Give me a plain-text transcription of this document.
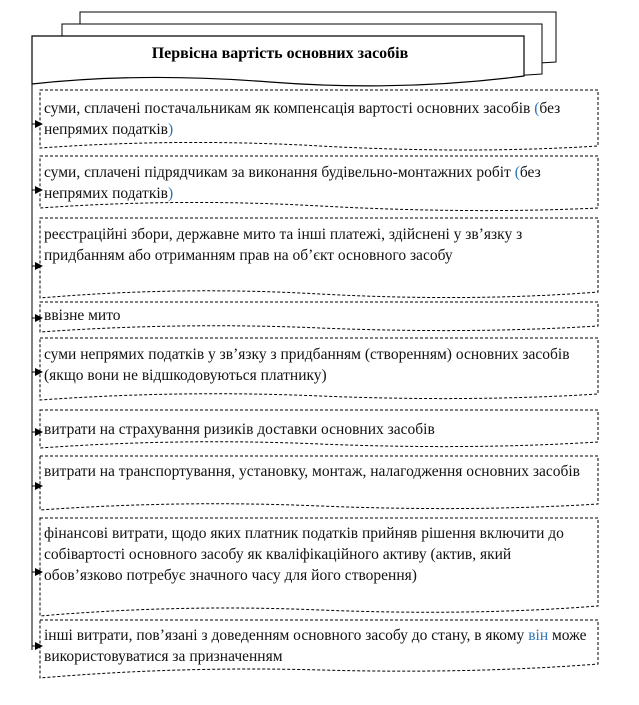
Первісна вартість основних засобів
суми, сплачені постачальникам як компенсація вартості основних засобів (без непрямих податків)
суми, сплачені підрядчикам за виконання будівельно-монтажних робіт (без непрямих податків)
реєстраційні збори, державне мито та інші платежі, здійснені у зв’язку з придбанням або отриманням прав на об’єкт основного засобу
ввізне мито
суми непрямих податків у зв’язку з придбанням (створенням) основних засобів (якщо вони не відшкодовуються платнику)
витрати на страхування ризиків доставки основних засобів
витрати на транспортування, установку, монтаж, налагодження основних засобів
фінансові витрати, щодо яких платник податків прийняв рішення включити до собівартості основного засобу як кваліфікаційного активу (актив, який обов’язково потребує значного часу для його створення)
інші витрати, пов’язані з доведенням основного засобу до стану, в якому він може використовуватися за призначенням
